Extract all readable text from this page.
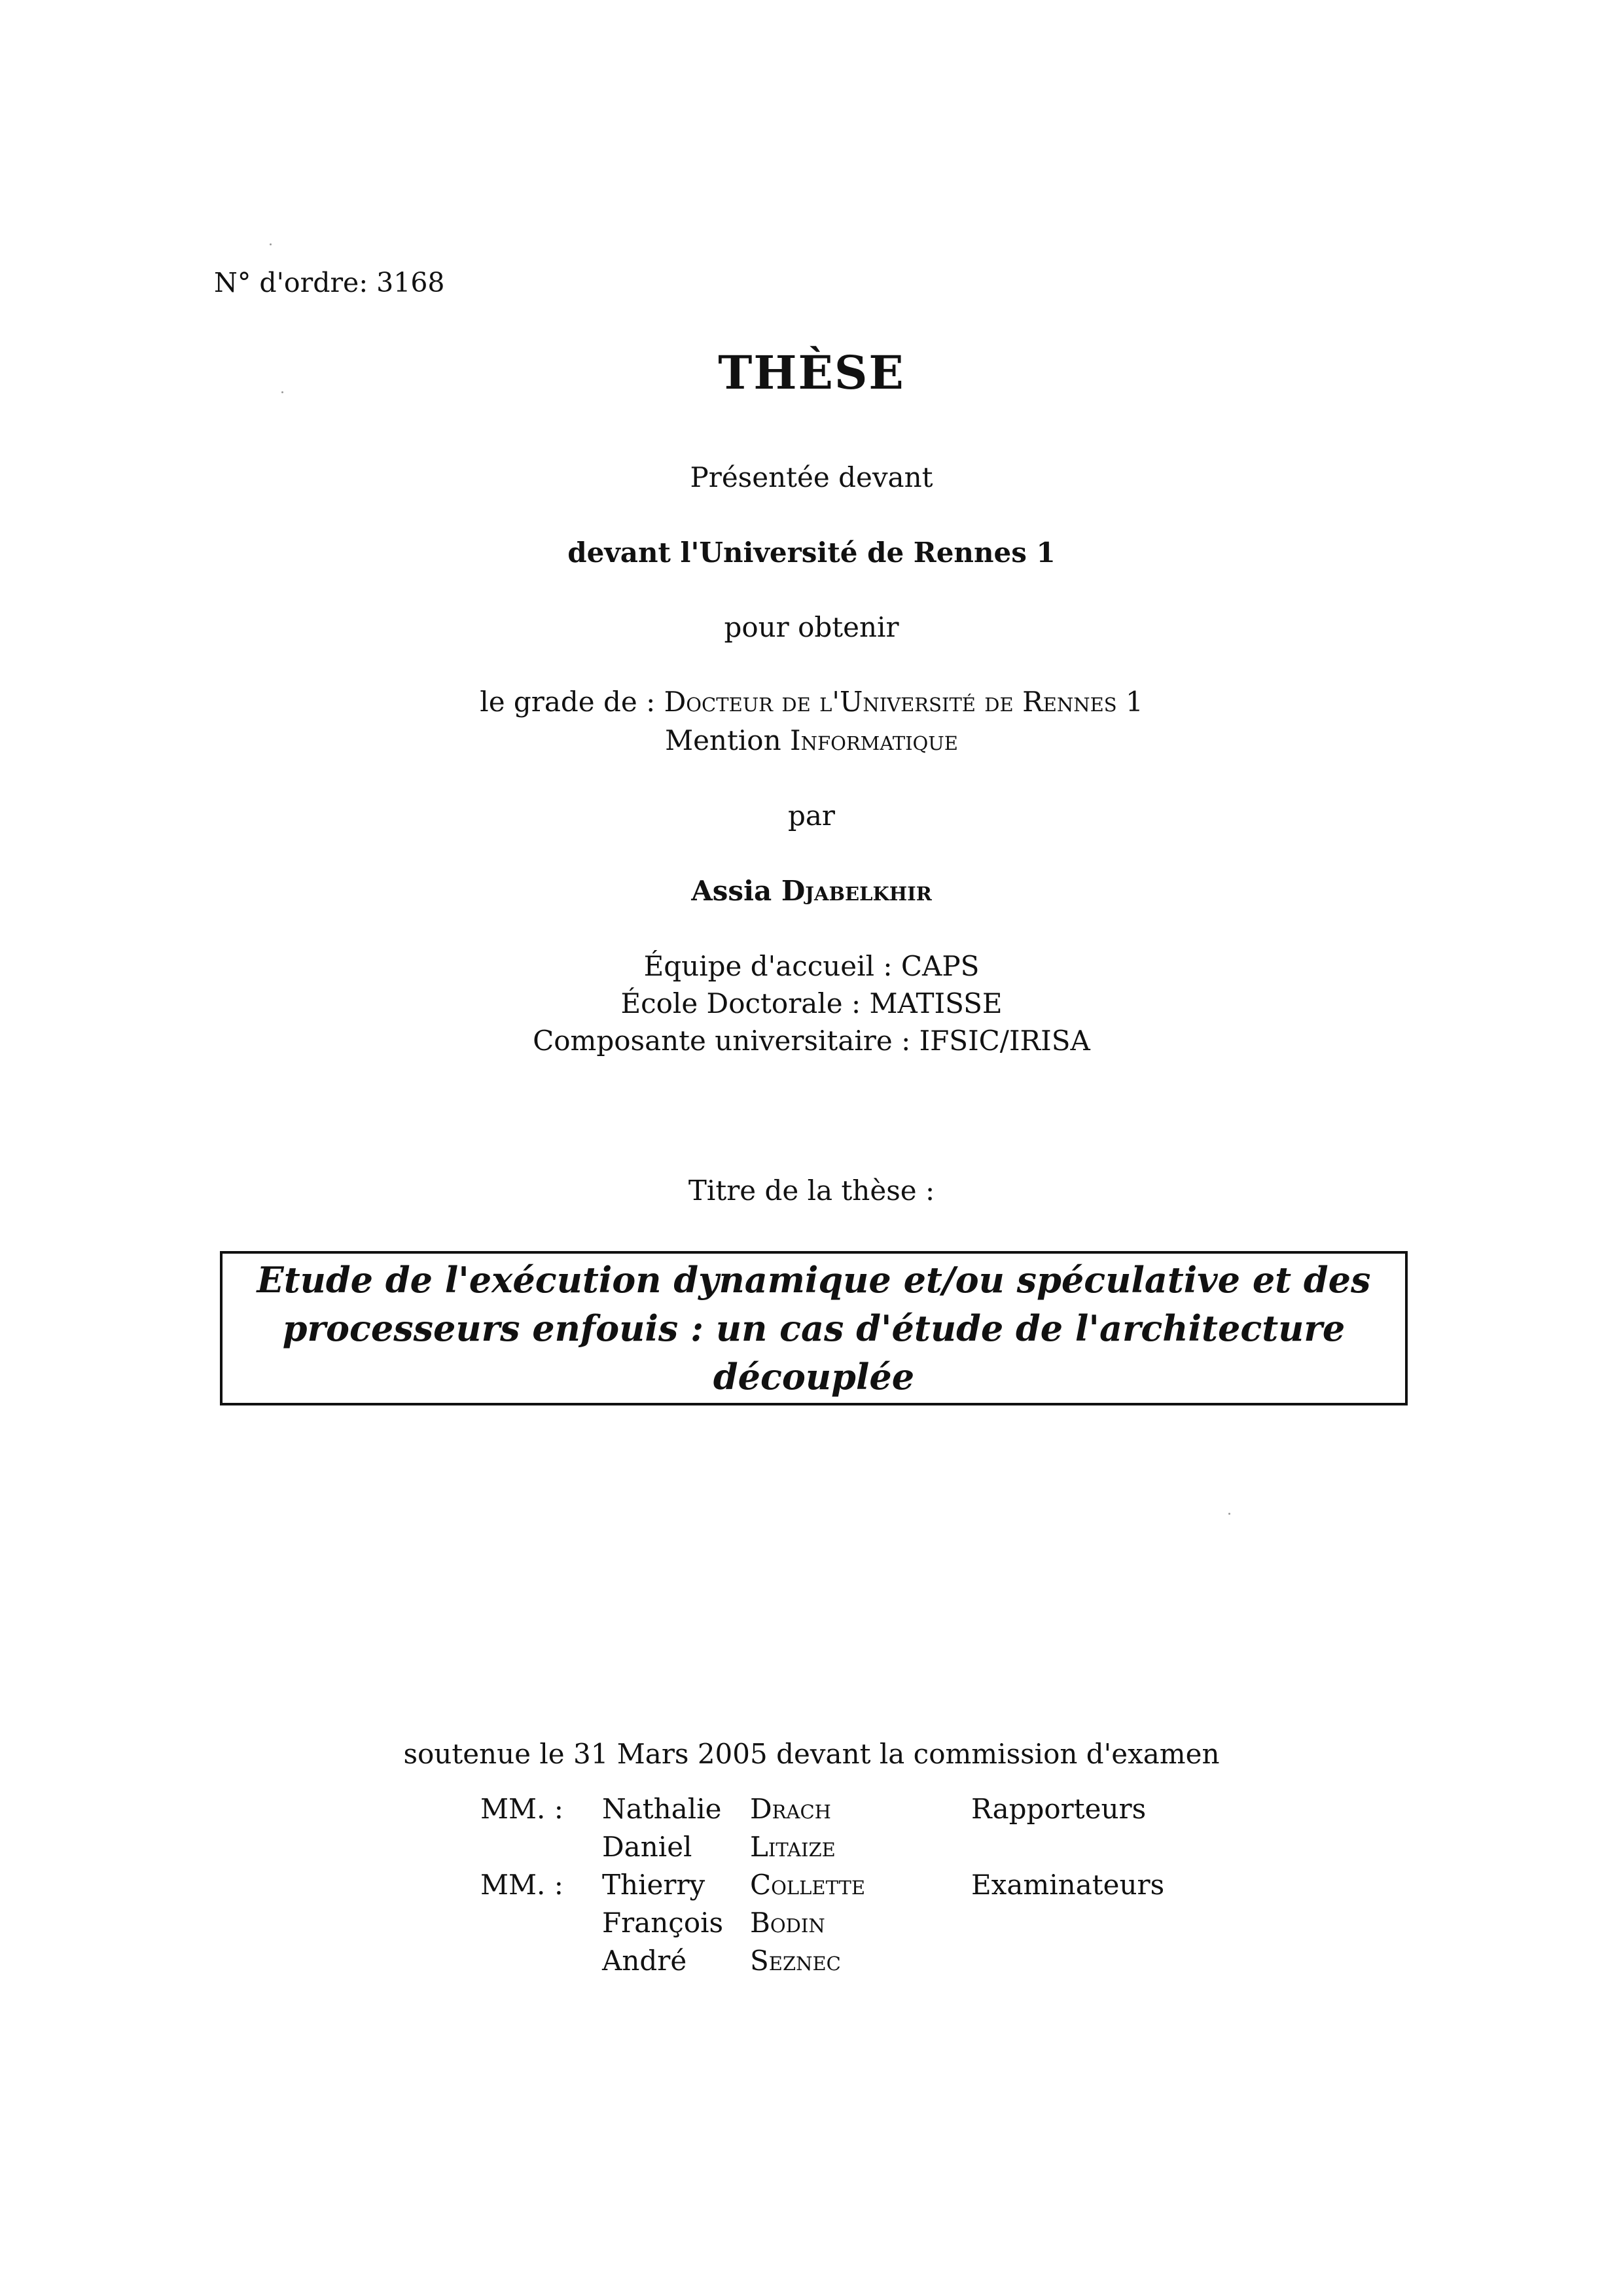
N° d'ordre: 3168
THÈSE
Présentée devant
devant l'Université de Rennes 1
pour obtenir
le grade de : Docteur de l'Université de Rennes 1
Mention Informatique
par
Assia Djabelkhir
Équipe d'accueil : CAPS
École Doctorale : MATISSE
Composante universitaire : IFSIC/IRISA
Titre de la thèse :
Etude de l'exécution dynamique et/ou spéculative et des
processeurs enfouis : un cas d'étude de l'architecture
découplée
soutenue le 31 Mars 2005 devant la commission d'examen
MM. :	Nathalie	Drach	Rapporteurs
	Daniel	Litaize	
MM. :	Thierry	Collette	Examinateurs
	François	Bodin	
	André	Seznec	
